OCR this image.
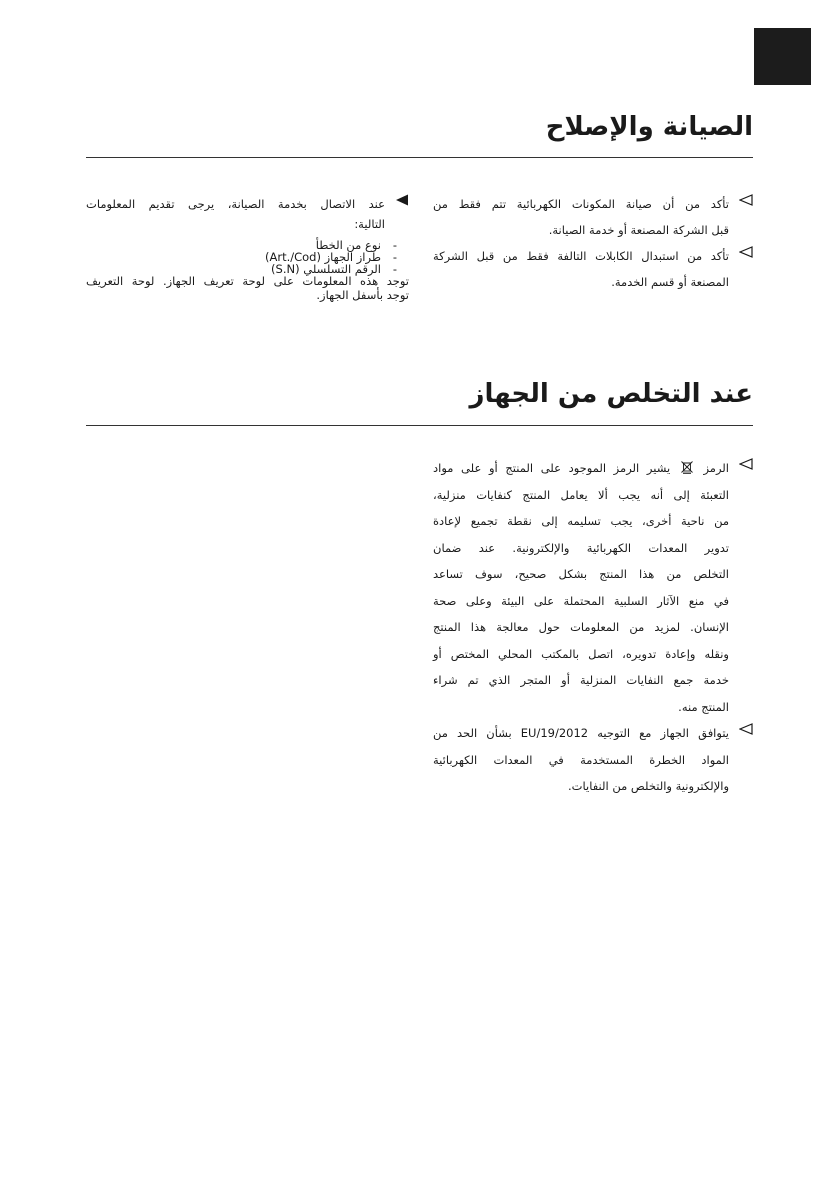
الصيانة والإصلاح
تأكد من أن صيانة المكونات الكهربائية تتم فقط من
قبل الشركة المصنعة أو خدمة الصيانة.
تأكد من استبدال الكابلات التالفة فقط من قبل الشركة
المصنعة أو قسم الخدمة.
عند الاتصال بخدمة الصيانة، يرجى تقديم المعلومات
التالية:
-
نوع من الخطأ
-
طراز الجهاز (Art./Cod)
-
الرقم التسلسلي (S.N)
توجد هذه المعلومات على لوحة تعريف الجهاز. لوحة التعريف
توجد بأسفل الجهاز.
عند التخلص من الجهاز
الرمز  يشير الرمز الموجود على المنتج أو على مواد
التعبئة إلى أنه يجب ألا يعامل المنتج كنفايات منزلية،
من ناحية أخرى، يجب تسليمه إلى نقطة تجميع لإعادة
تدوير المعدات الكهربائية والإلكترونية. عند ضمان
التخلص من هذا المنتج بشكل صحيح، سوف تساعد
في منع الآثار السلبية المحتملة على البيئة وعلى صحة
الإنسان. لمزيد من المعلومات حول معالجة هذا المنتج
ونقله وإعادة تدويره، اتصل بالمكتب المحلي المختص أو
خدمة جمع النفايات المنزلية أو المتجر الذي تم شراء
المنتج منه.
يتوافق الجهاز مع التوجيه EU/19/2012 بشأن الحد من
المواد الخطرة المستخدمة في المعدات الكهربائية
والإلكترونية والتخلص من النفايات.
